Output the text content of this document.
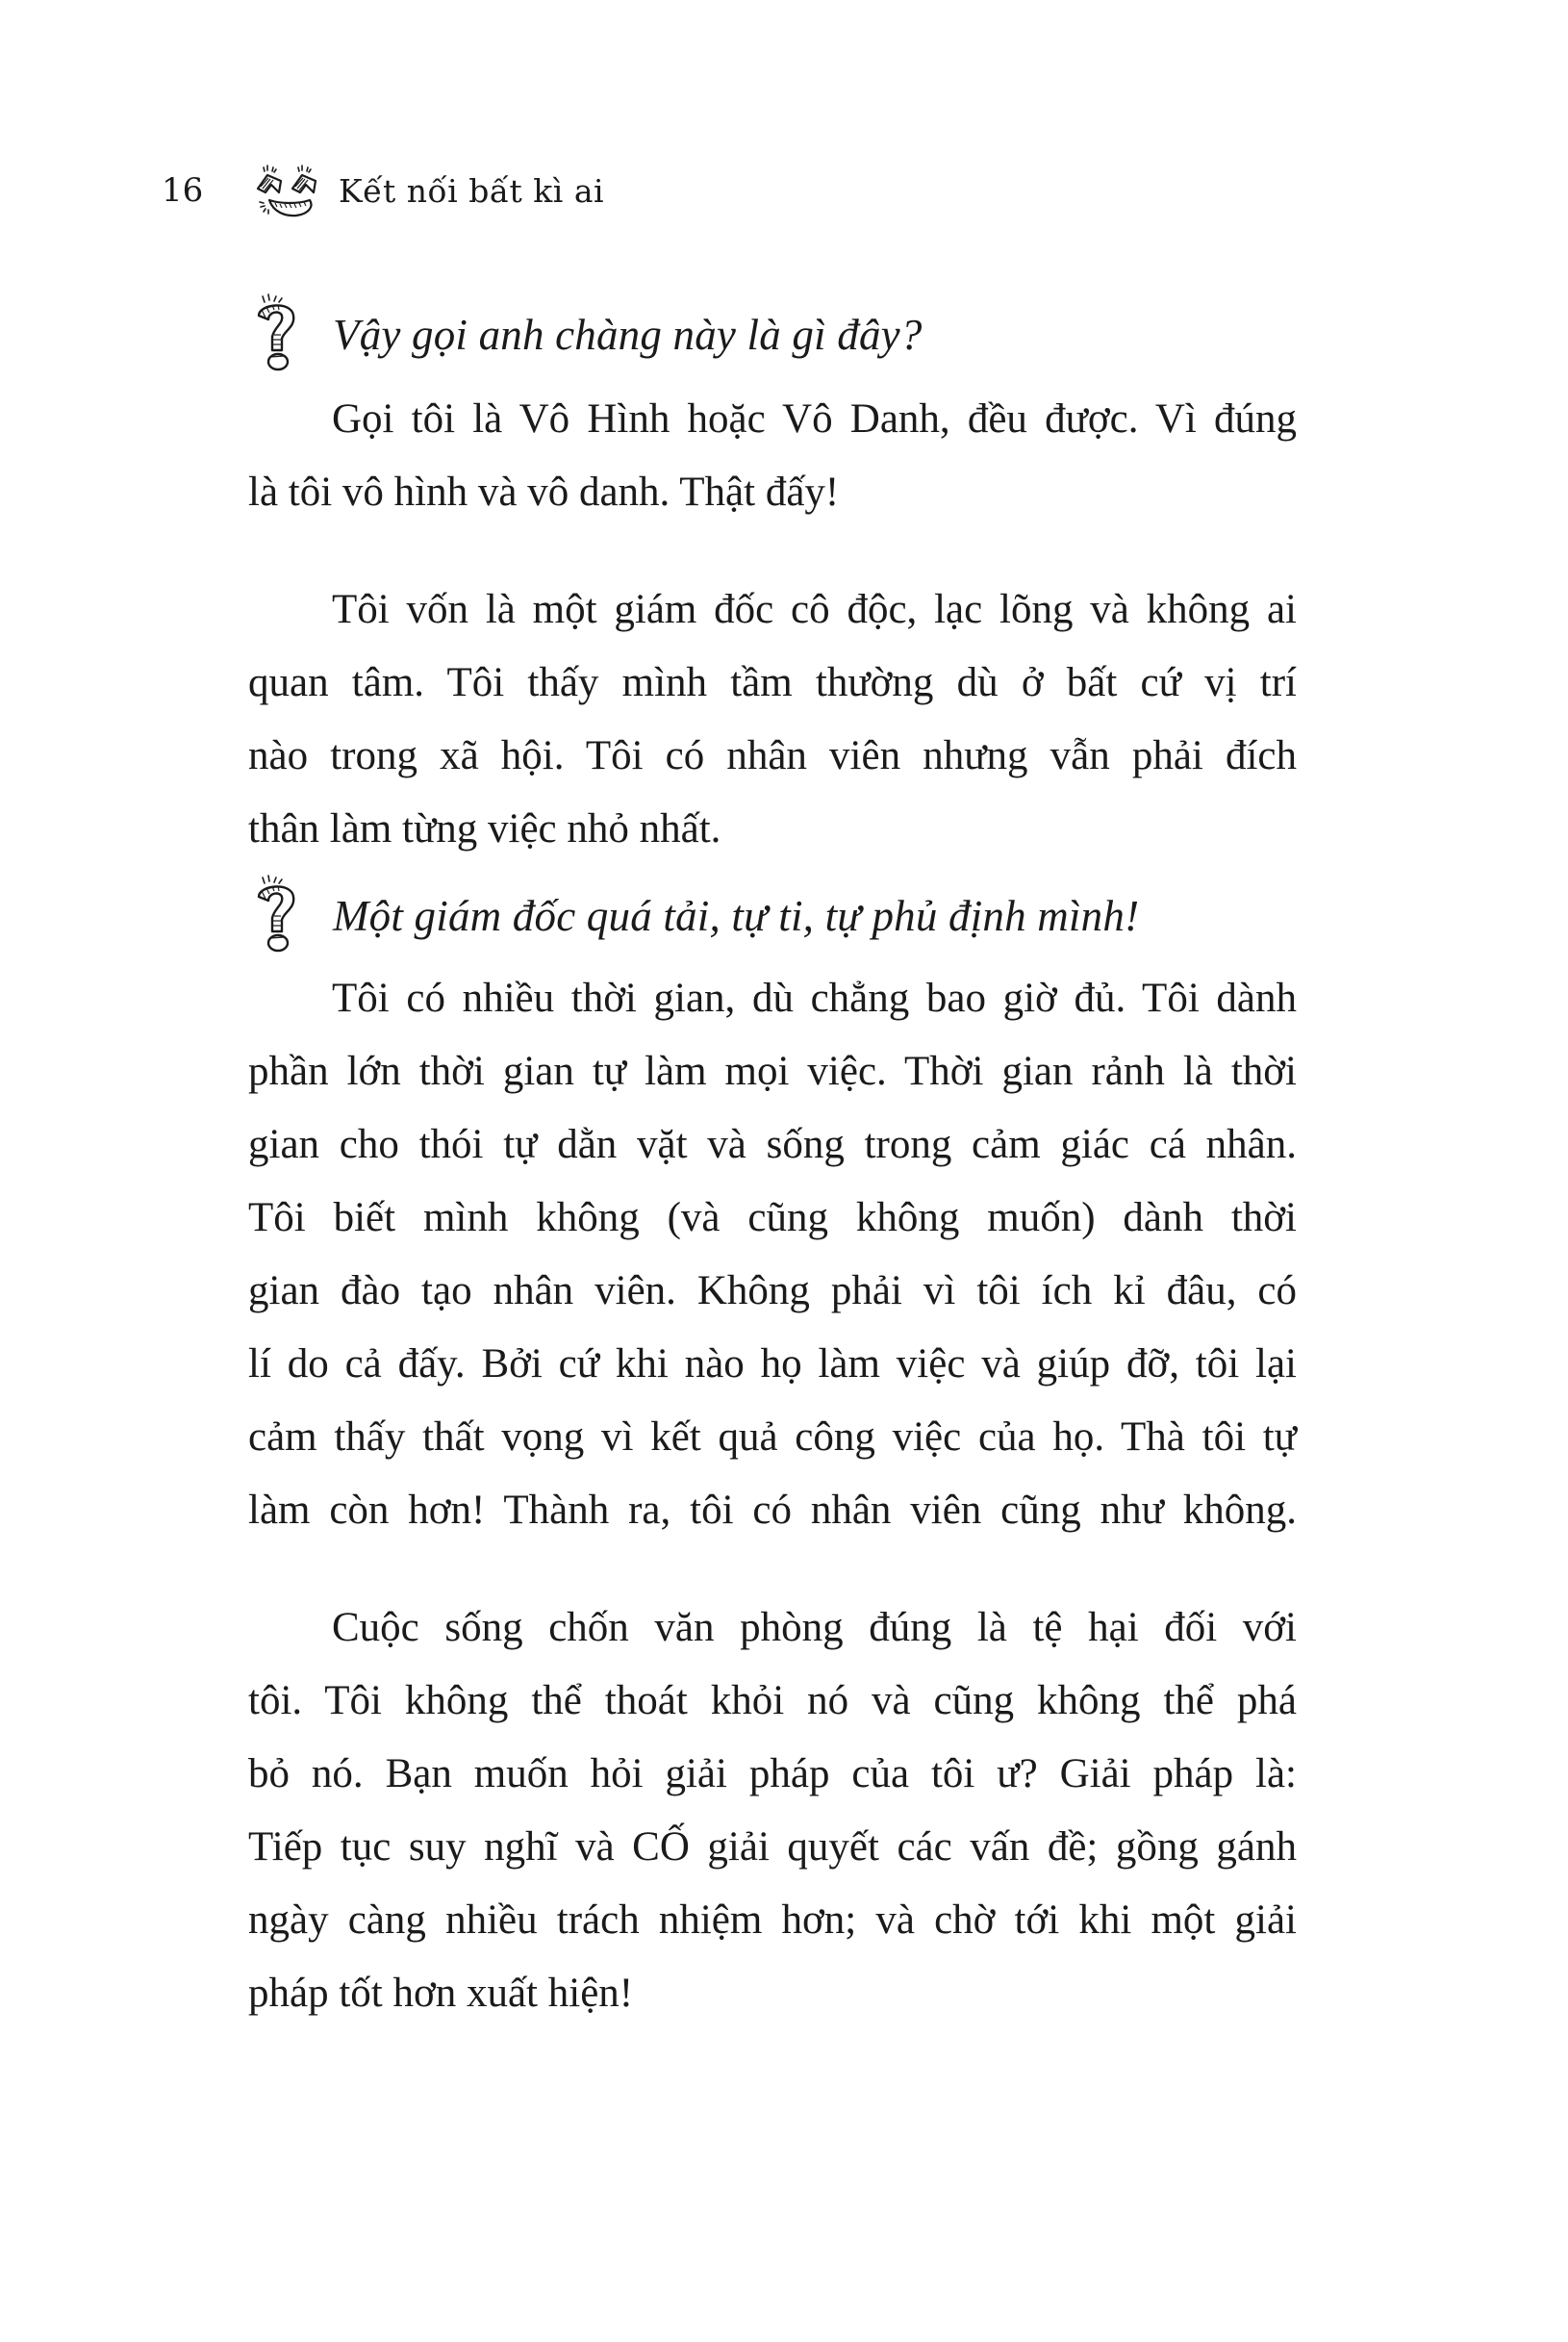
16	Kết nối bất kì ai
Vậy gọi anh chàng này là gì đây?

Gọi tôi là Vô Hình hoặc Vô Danh, đều được. Vì đúng
là tôi vô hình và vô danh. Thật đấy!

Tôi vốn là một giám đốc cô độc, lạc lõng và không ai
quan tâm. Tôi thấy mình tầm thường dù ở bất cứ vị trí
nào trong xã hội. Tôi có nhân viên nhưng vẫn phải đích
thân làm từng việc nhỏ nhất.

Một giám đốc quá tải, tự ti, tự phủ định mình!

Tôi có nhiều thời gian, dù chẳng bao giờ đủ. Tôi dành
phần lớn thời gian tự làm mọi việc. Thời gian rảnh là thời
gian cho thói tự dằn vặt và sống trong cảm giác cá nhân.
Tôi biết mình không (và cũng không muốn) dành thời
gian đào tạo nhân viên. Không phải vì tôi ích kỉ đâu, có
lí do cả đấy. Bởi cứ khi nào họ làm việc và giúp đỡ, tôi lại
cảm thấy thất vọng vì kết quả công việc của họ. Thà tôi tự
làm còn hơn! Thành ra, tôi có nhân viên cũng như không.

Cuộc sống chốn văn phòng đúng là tệ hại đối với
tôi. Tôi không thể thoát khỏi nó và cũng không thể phá
bỏ nó. Bạn muốn hỏi giải pháp của tôi ư? Giải pháp là:
Tiếp tục suy nghĩ và CỐ giải quyết các vấn đề; gồng gánh
ngày càng nhiều trách nhiệm hơn; và chờ tới khi một giải
pháp tốt hơn xuất hiện!
